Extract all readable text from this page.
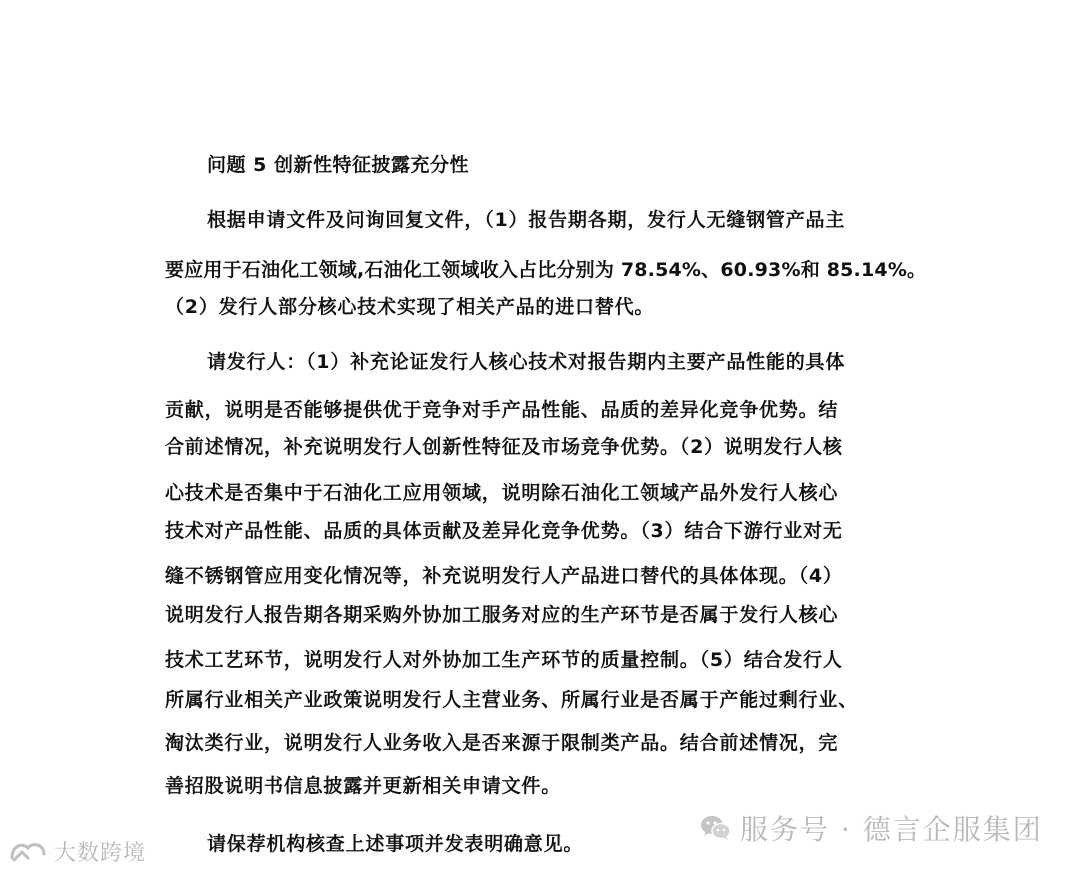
问题 5 创新性特征披露充分性
根据申请文件及问询回复文件，（1）报告期各期，发行人无缝钢管产品主
要应用于石油化工领域,石油化工领域收入占比分别为 78.54%、60.93%和 85.14%。
（2）发行人部分核心技术实现了相关产品的进口替代。
请发行人：（1）补充论证发行人核心技术对报告期内主要产品性能的具体
贡献，说明是否能够提供优于竞争对手产品性能、品质的差异化竞争优势。结
合前述情况，补充说明发行人创新性特征及市场竞争优势。（2）说明发行人核
心技术是否集中于石油化工应用领域，说明除石油化工领域产品外发行人核心
技术对产品性能、品质的具体贡献及差异化竞争优势。（3）结合下游行业对无
缝不锈钢管应用变化情况等，补充说明发行人产品进口替代的具体体现。（4）
说明发行人报告期各期采购外协加工服务对应的生产环节是否属于发行人核心
技术工艺环节，说明发行人对外协加工生产环节的质量控制。（5）结合发行人
所属行业相关产业政策说明发行人主营业务、所属行业是否属于产能过剩行业、
淘汰类行业，说明发行人业务收入是否来源于限制类产品。结合前述情况，完
善招股说明书信息披露并更新相关申请文件。
请保荐机构核查上述事项并发表明确意见。	服务号 · 德言企服集团
大数跨境
